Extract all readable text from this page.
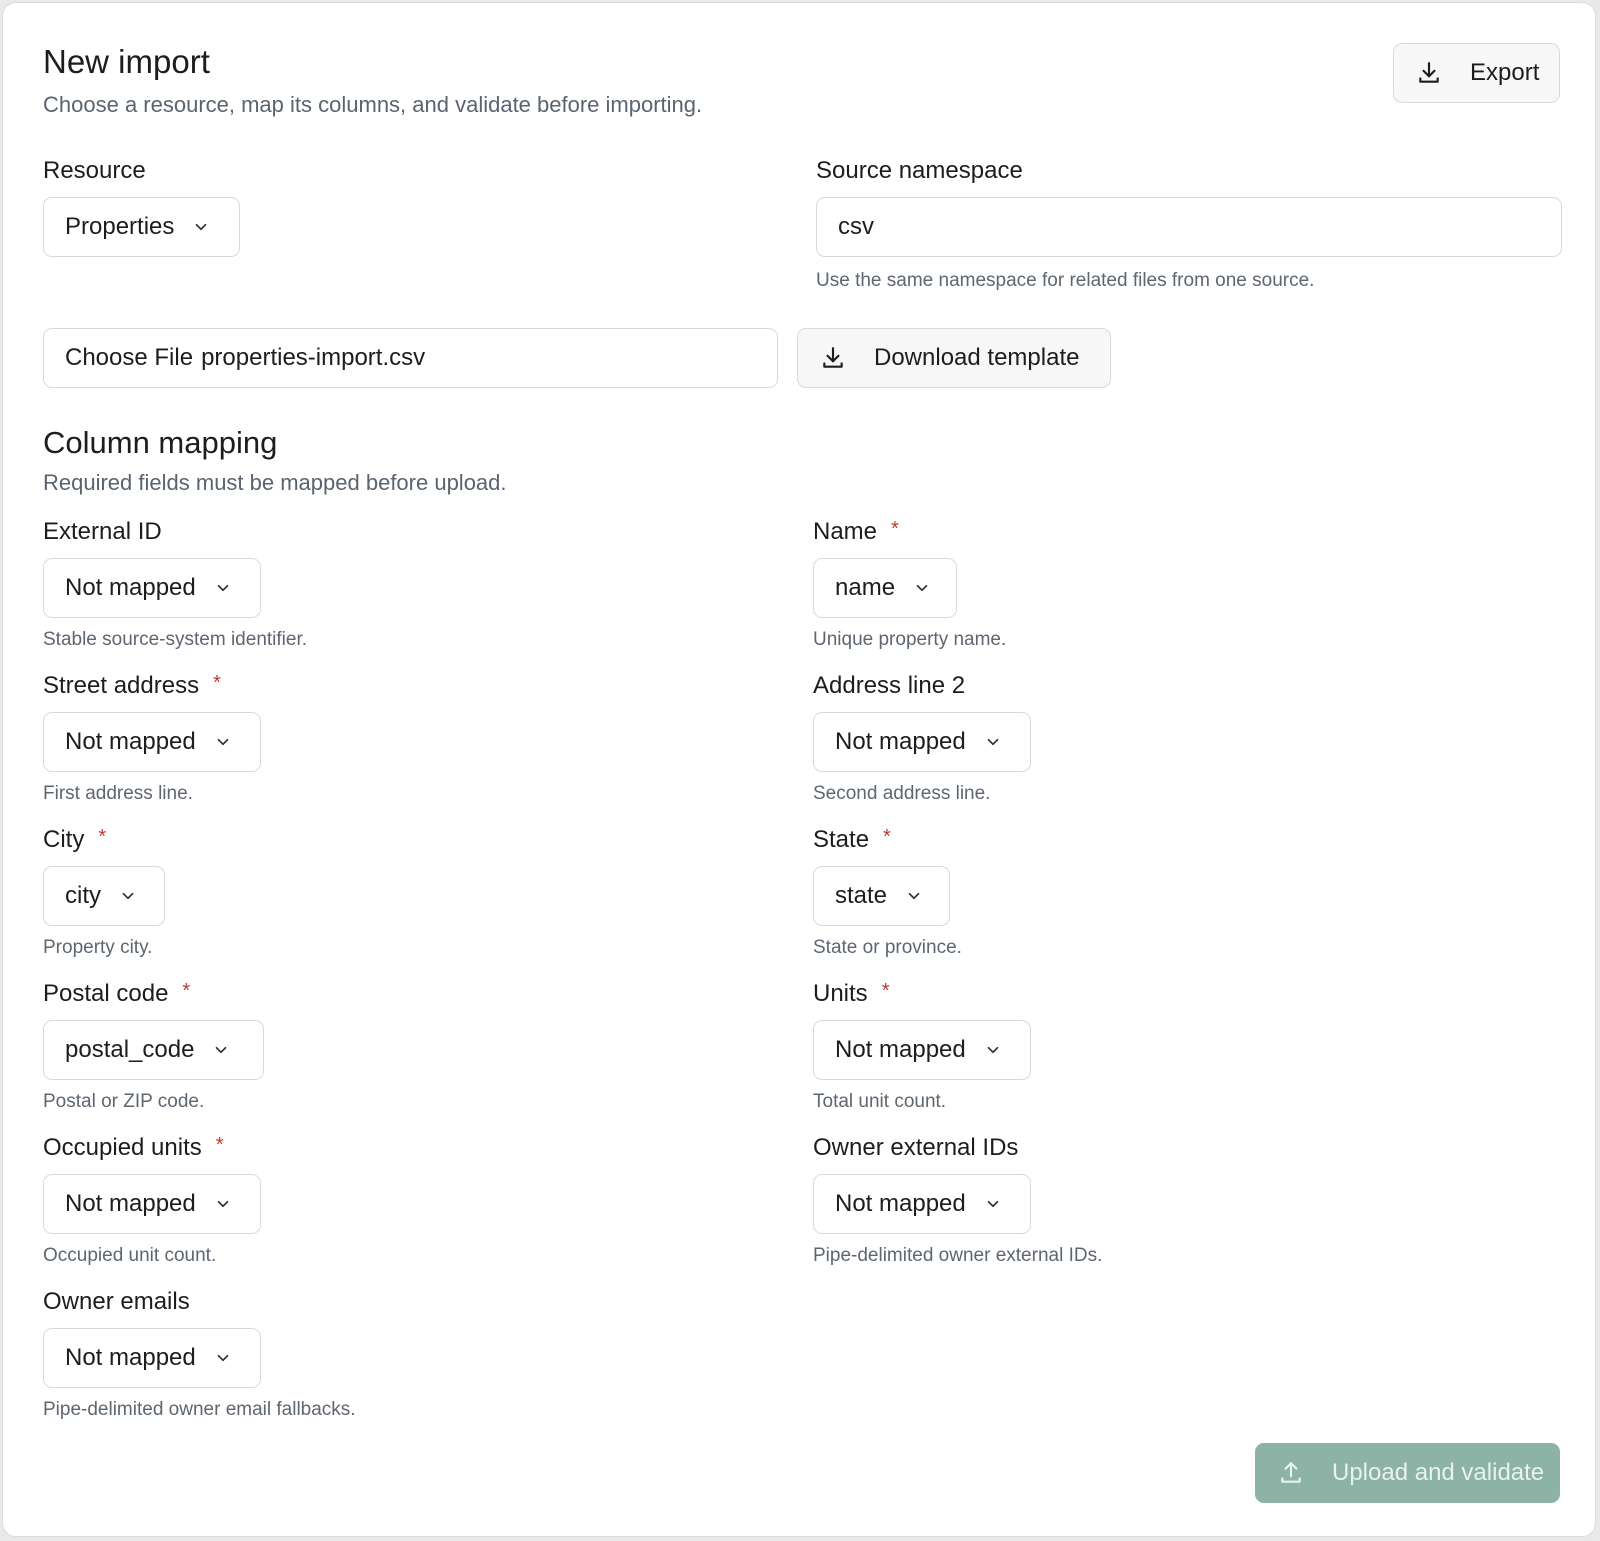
New import
Choose a resource, map its columns, and validate before importing.
Export
Resource
Properties
Source namespace
csv
Use the same namespace for related files from one source.
Choose File properties-import.csv	Download template
Column mapping
Required fields must be mapped before upload.
External ID
Not mapped
Stable source-system identifier.
Name *
name
Unique property name.
Street address *
Not mapped
First address line.
Address line 2
Not mapped
Second address line.
City *
city
Property city.
State *
state
State or province.
Postal code *
postal_code
Postal or ZIP code.
Units *
Not mapped
Total unit count.
Occupied units *
Not mapped
Occupied unit count.
Owner external IDs
Not mapped
Pipe-delimited owner external IDs.
Owner emails
Not mapped
Pipe-delimited owner email fallbacks.
Upload and validate
